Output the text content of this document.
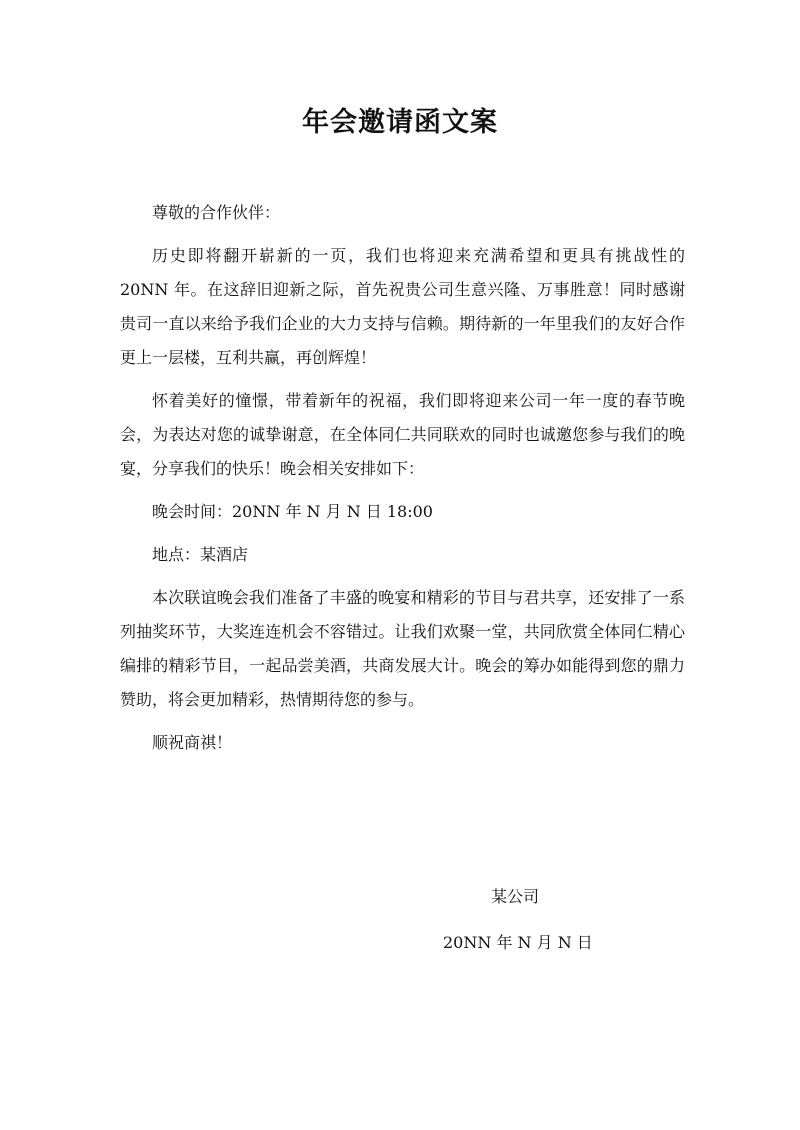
年会邀请函文案

尊敬的合作伙伴：

历史即将翻开崭新的一页，我们也将迎来充满希望和更具有挑战性的 20NN 年。在这辞旧迎新之际，首先祝贵公司生意兴隆、万事胜意！同时感谢贵司一直以来给予我们企业的大力支持与信赖。期待新的一年里我们的友好合作更上一层楼，互利共赢，再创辉煌！

怀着美好的憧憬，带着新年的祝福，我们即将迎来公司一年一度的春节晚会，为表达对您的诚挚谢意，在全体同仁共同联欢的同时也诚邀您参与我们的晚宴，分享我们的快乐！晚会相关安排如下：

晚会时间：20NN 年 N 月 N 日 18:00

地点：某酒店

本次联谊晚会我们准备了丰盛的晚宴和精彩的节目与君共享，还安排了一系列抽奖环节，大奖连连机会不容错过。让我们欢聚一堂，共同欣赏全体同仁精心编排的精彩节目，一起品尝美酒，共商发展大计。晚会的筹办如能得到您的鼎力赞助，将会更加精彩，热情期待您的参与。

顺祝商祺！

某公司
20NN 年 N 月 N 日
